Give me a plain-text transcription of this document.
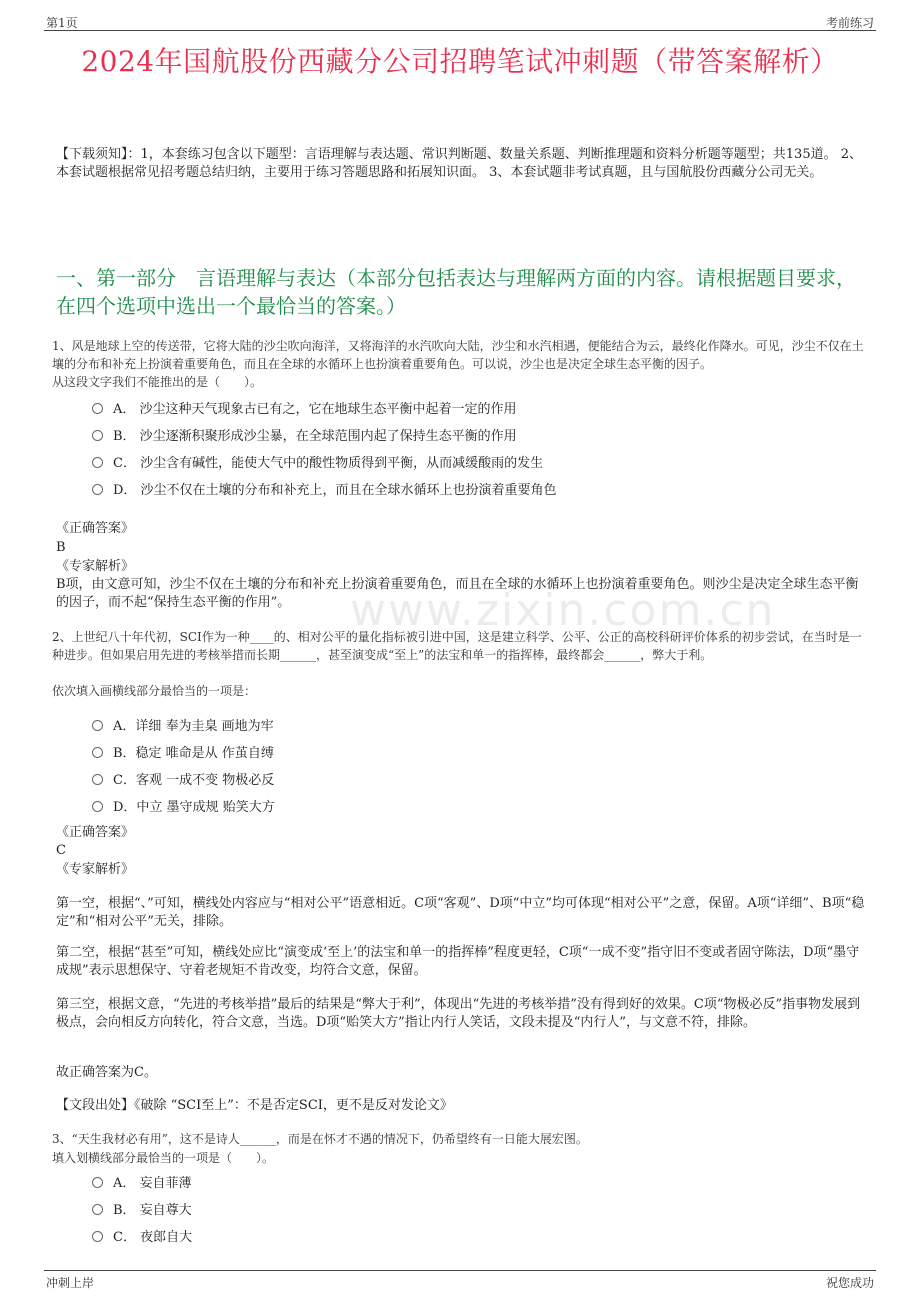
第1页	考前练习
2024年国航股份西藏分公司招聘笔试冲刺题（带答案解析）
【下载须知】：1，本套练习包含以下题型：言语理解与表达题、常识判断题、数量关系题、判断推理题和资料分析题等题型；共135道。 2、本套试题根据常见招考题总结归纳，主要用于练习答题思路和拓展知识面。 3、本套试题非考试真题，且与国航股份西藏分公司无关。
一、第一部分　言语理解与表达（本部分包括表达与理解两方面的内容。请根据题目要求，在四个选项中选出一个最恰当的答案。）
www.zixin.com.cn
1、风是地球上空的传送带，它将大陆的沙尘吹向海洋，又将海洋的水汽吹向大陆，沙尘和水汽相遇，便能结合为云，最终化作降水。可见，沙尘不仅在土壤的分布和补充上扮演着重要角色，而且在全球的水循环上也扮演着重要角色。可以说，沙尘也是决定全球生态平衡的因子。
从这段文字我们不能推出的是（　　）。
A． 沙尘这种天气现象古已有之，它在地球生态平衡中起着一定的作用
B． 沙尘逐渐积聚形成沙尘暴，在全球范围内起了保持生态平衡的作用
C． 沙尘含有碱性，能使大气中的酸性物质得到平衡，从而减缓酸雨的发生
D． 沙尘不仅在土壤的分布和补充上，而且在全球水循环上也扮演着重要角色
《正确答案》
B
《专家解析》
B项，由文意可知，沙尘不仅在土壤的分布和补充上扮演着重要角色，而且在全球的水循环上也扮演着重要角色。则沙尘是决定全球生态平衡的因子，而不起“保持生态平衡的作用”。
2、上世纪八十年代初，SCI作为一种____的、相对公平的量化指标被引进中国，这是建立科学、公平、公正的高校科研评价体系的初步尝试，在当时是一种进步。但如果启用先进的考核举措而长期______，甚至演变成“至上”的法宝和单一的指挥棒，最终都会______，弊大于利。
依次填入画横线部分最恰当的一项是：
A．详细 奉为圭臬 画地为牢
B．稳定 唯命是从 作茧自缚
C．客观 一成不变 物极必反
D．中立 墨守成规 贻笑大方
《正确答案》
C
《专家解析》
第一空，根据“、”可知，横线处内容应与“相对公平”语意相近。C项“客观”、D项“中立”均可体现“相对公平”之意，保留。A项“详细”、B项“稳定”和“相对公平”无关，排除。
第二空，根据“甚至”可知，横线处应比“演变成‘至上’的法宝和单一的指挥棒”程度更轻，C项“一成不变”指守旧不变或者固守陈法，D项“墨守成规”表示思想保守、守着老规矩不肯改变，均符合文意，保留。
第三空，根据文意，“先进的考核举措”最后的结果是“弊大于利”，体现出“先进的考核举措”没有得到好的效果。C项“物极必反”指事物发展到极点，会向相反方向转化，符合文意，当选。D项“贻笑大方”指让内行人笑话，文段未提及“内行人”，与文意不符，排除。
故正确答案为C。
【文段出处】《破除 “SCI至上”：不是否定SCI，更不是反对发论文》
3、“天生我材必有用”，这不是诗人______，而是在怀才不遇的情况下，仍希望终有一日能大展宏图。
填入划横线部分最恰当的一项是（　　）。
A． 妄自菲薄
B． 妄自尊大
C． 夜郎自大
冲刺上岸	祝您成功
